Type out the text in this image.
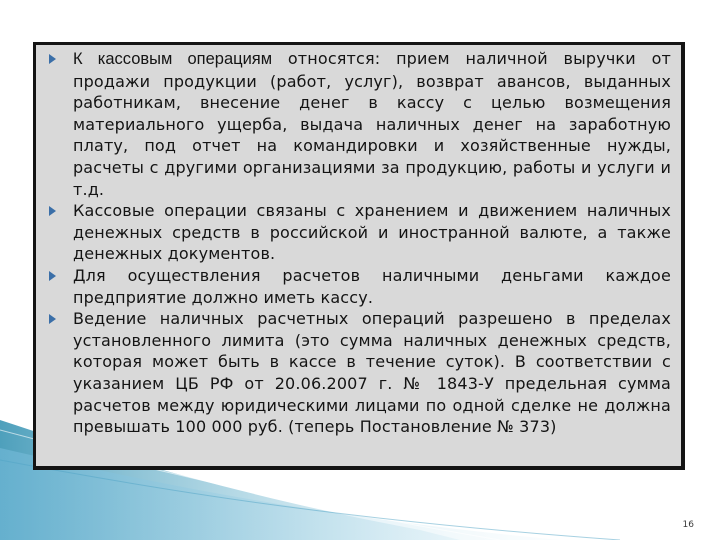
К кассовым операциям относятся: прием наличной выручки от продажи продукции (работ, услуг), возврат авансов, выданных работникам, внесение денег в кассу с целью возмещения материального ущерба, выдача наличных денег на заработную плату, под отчет на командировки и хозяйственные нужды, расчеты с другими организациями за продукцию, работы и услуги и т.д.
Кассовые операции связаны с хранением и движением наличных денежных средств в российской и иностранной валюте, а также денежных документов.
Для осуществления расчетов наличными деньгами каждое предприятие должно иметь кассу.
Ведение наличных расчетных операций разрешено в пределах установленного лимита (это сумма наличных денежных средств, которая может быть в кассе в течение суток). В соответствии с указанием ЦБ РФ от 20.06.2007 г. № 1843-У предельная сумма расчетов между юридическими лицами по одной сделке не должна превышать 100 000 руб. (теперь Постановление № 373)
16
